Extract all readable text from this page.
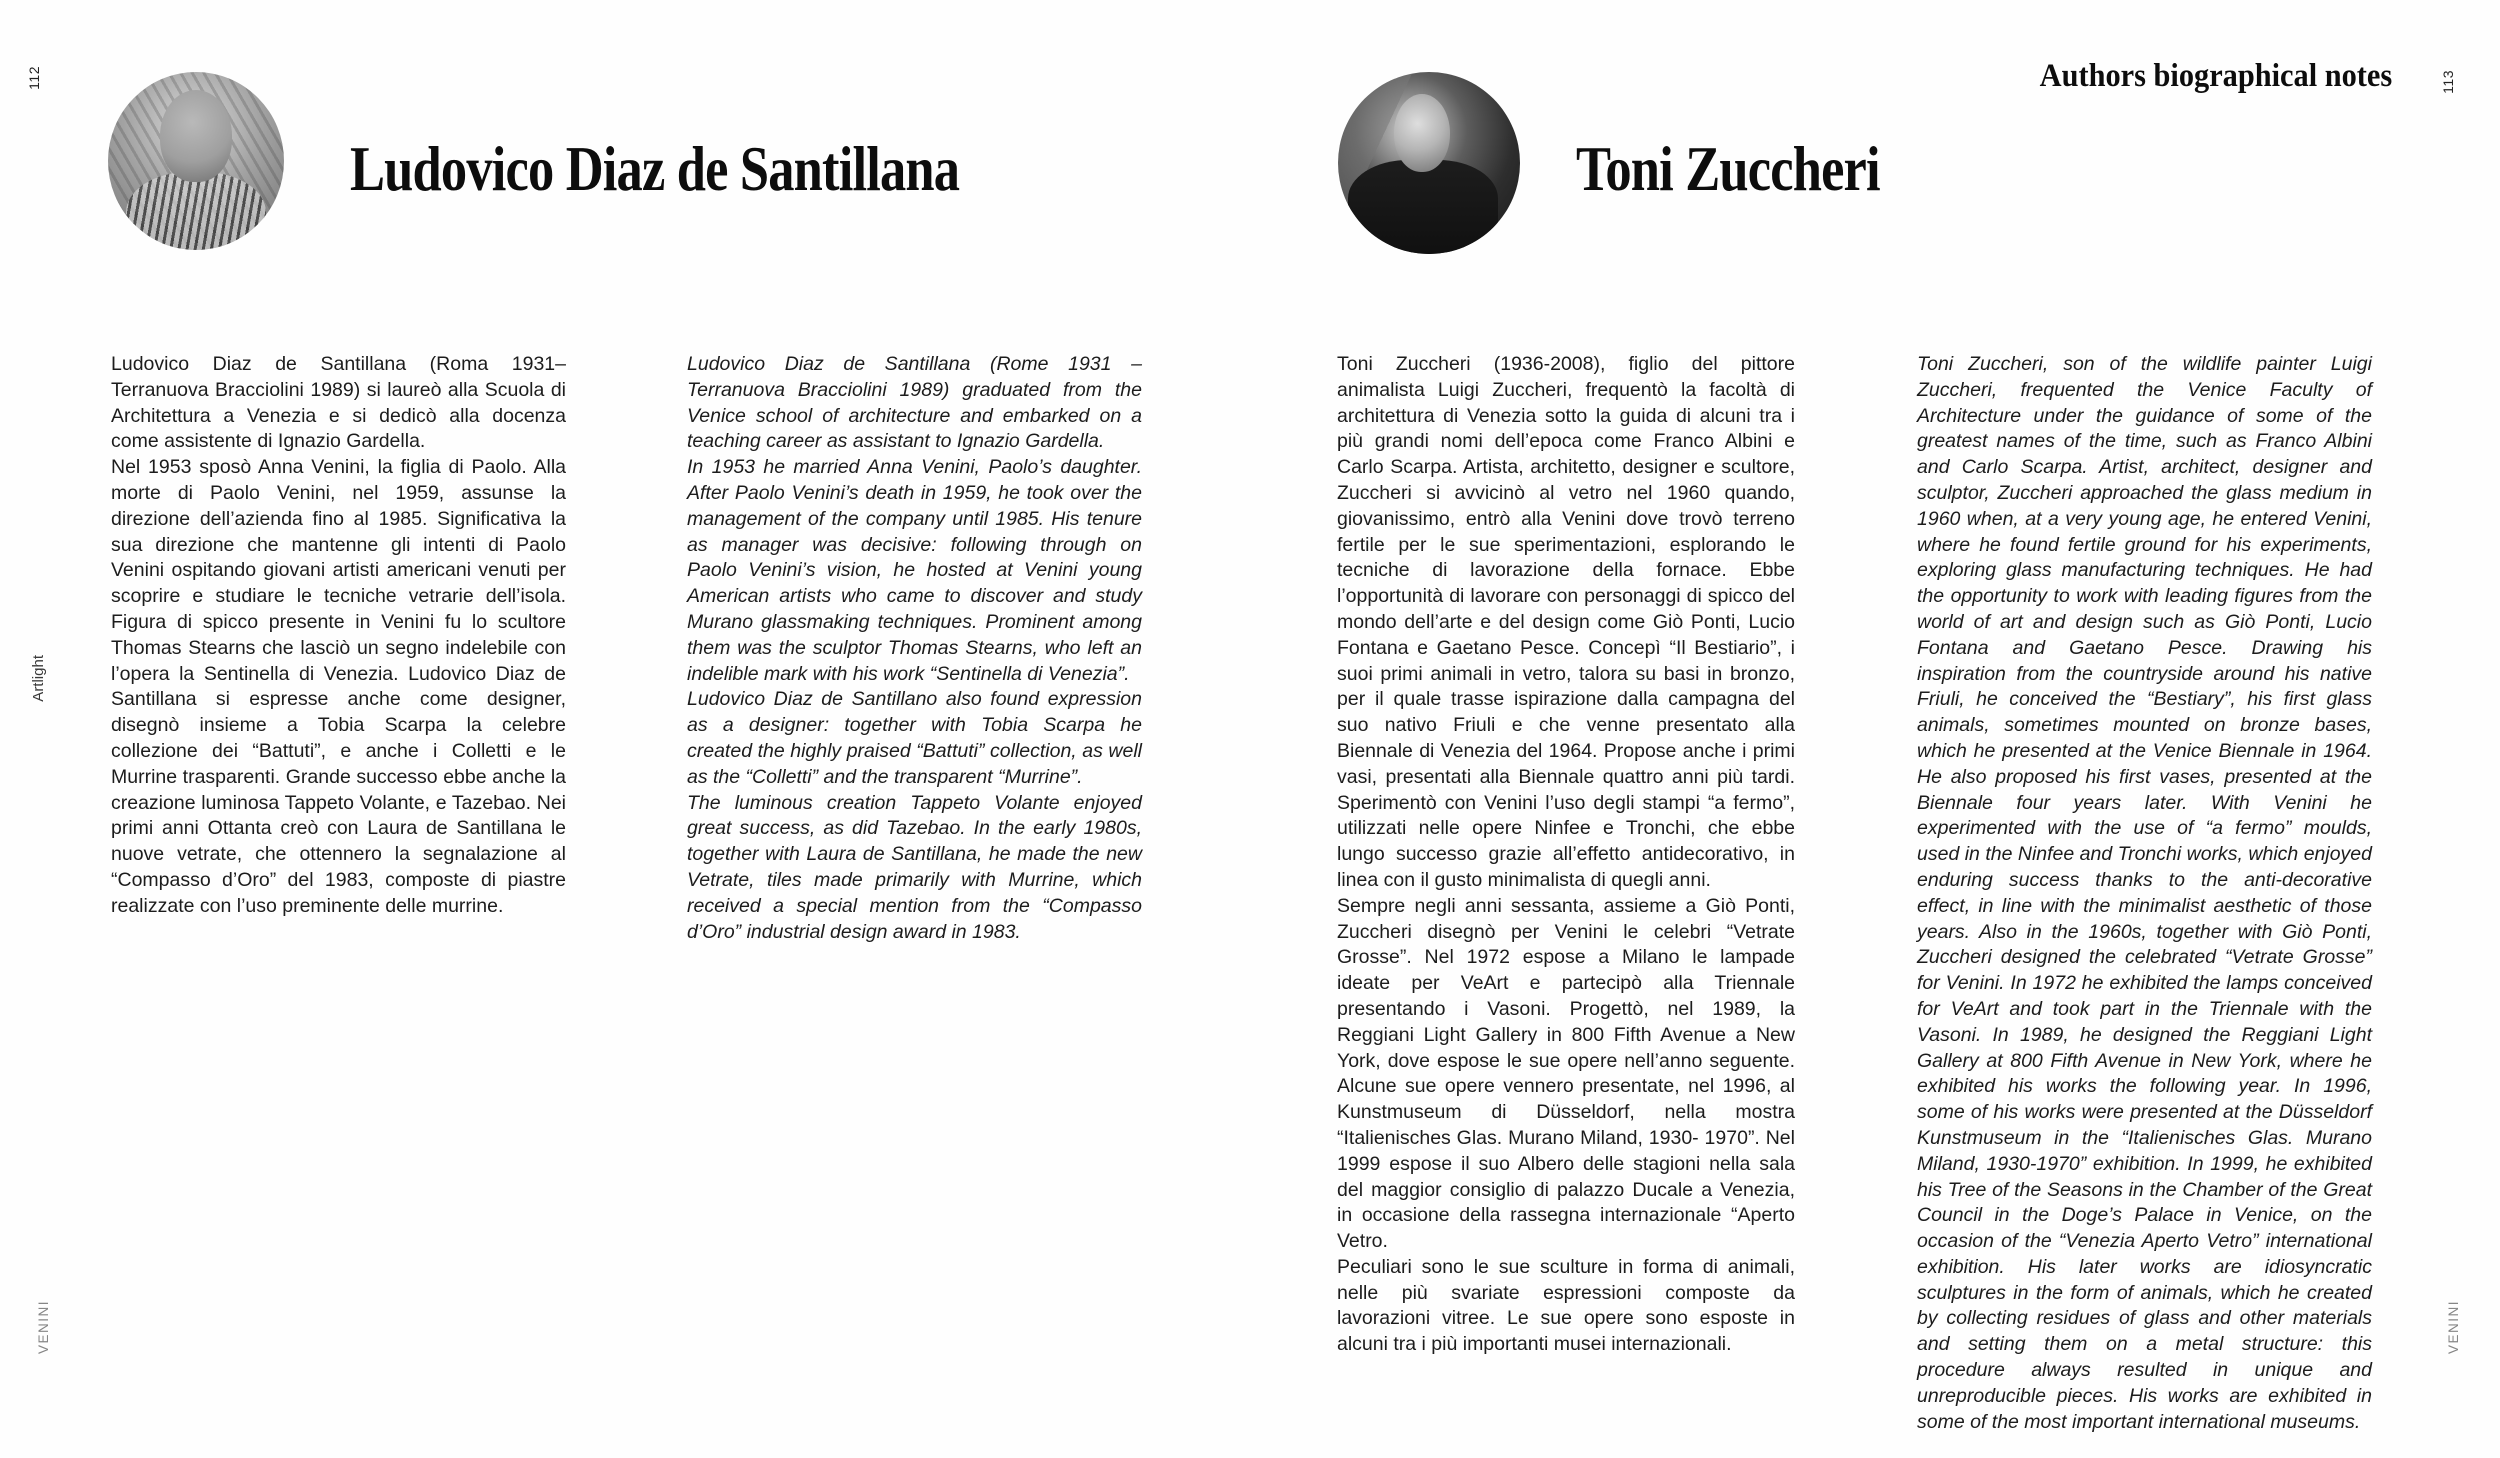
112
Artlight
VENINI
Ludovico Diaz de Santillana

Ludovico Diaz de Santillana (Roma 1931– Terranuova Bracciolini 1989) si laureò alla Scuola di Architettura a Venezia e si dedicò alla docenza come assistente di Ignazio Gardella.

Nel 1953 sposò Anna Venini, la figlia di Paolo. Alla morte di Paolo Venini, nel 1959, assunse la direzione dell’azienda fino al 1985. Significativa la sua direzione che mantenne gli intenti di Paolo Venini ospitando giovani artisti americani venuti per scoprire e studiare le tecniche vetrarie dell’isola. Figura di spicco presente in Venini fu lo scultore Thomas Stearns che lasciò un segno indelebile con l’opera la Sentinella di Venezia. Ludovico Diaz de Santillana si espresse anche come designer, disegnò insieme a Tobia Scarpa la celebre collezione dei “Battuti”, e anche i Colletti e le Murrine trasparenti. Grande successo ebbe anche la creazione luminosa Tappeto Volante, e Tazebao. Nei primi anni Ottanta creò con Laura de Santillana le nuove vetrate, che ottennero la segnalazione al “Compasso d’Oro” del 1983, composte di piastre realizzate con l’uso preminente delle murrine.

Ludovico Diaz de Santillana (Rome 1931 – Terranuova Bracciolini 1989) graduated from the Venice school of architecture and embarked on a teaching career as assistant to Ignazio Gardella.

In 1953 he married Anna Venini, Paolo’s daughter. After Paolo Venini’s death in 1959, he took over the management of the company until 1985. His tenure as manager was decisive: following through on Paolo Venini’s vision, he hosted at Venini young American artists who came to discover and study Murano glassmaking techniques. Prominent among them was the sculptor Thomas Stearns, who left an indelible mark with his work “Sentinella di Venezia”.

Ludovico Diaz de Santillano also found expression as a designer: together with Tobia Scarpa he created the highly praised “Battuti” collection, as well as the “Colletti” and the transparent “Murrine”.

The luminous creation Tappeto Volante enjoyed great success, as did Tazebao. In the early 1980s, together with Laura de Santillana, he made the new Vetrate, tiles made primarily with Murrine, which received a special mention from the “Compasso d’Oro” industrial design award in 1983.

Authors biographical notes	113
VENINI
Toni Zuccheri

Toni Zuccheri (1936-2008), figlio del pittore animalista Luigi Zuccheri, frequentò la facoltà di architettura di Venezia sotto la guida di alcuni tra i più grandi nomi dell’epoca come Franco Albini e Carlo Scarpa. Artista, architetto, designer e scultore, Zuccheri si avvicinò al vetro nel 1960 quando, giovanissimo, entrò alla Venini dove trovò terreno fertile per le sue sperimentazioni, esplorando le tecniche di lavorazione della fornace. Ebbe l’opportunità di lavorare con personaggi di spicco del mondo dell’arte e del design come Giò Ponti, Lucio Fontana e Gaetano Pesce. Concepì “Il Bestiario”, i suoi primi animali in vetro, talora su basi in bronzo, per il quale trasse ispirazione dalla campagna del suo nativo Friuli e che venne presentato alla Biennale di Venezia del 1964. Propose anche i primi vasi, presentati alla Biennale quattro anni più tardi. Sperimentò con Venini l’uso degli stampi “a fermo”, utilizzati nelle opere Ninfee e Tronchi, che ebbe lungo successo grazie all’effetto antidecorativo, in linea con il gusto minimalista di quegli anni.

Sempre negli anni sessanta, assieme a Giò Ponti, Zuccheri disegnò per Venini le celebri “Vetrate Grosse”. Nel 1972 espose a Milano le lampade ideate per VeArt e partecipò alla Triennale presentando i Vasoni. Progettò, nel 1989, la Reggiani Light Gallery in 800 Fifth Avenue a New York, dove espose le sue opere nell’anno seguente. Alcune sue opere vennero presentate, nel 1996, al Kunstmuseum di Düsseldorf, nella mostra “Italienisches Glas. Murano Miland, 1930- 1970”. Nel 1999 espose il suo Albero delle stagioni nella sala del maggior consiglio di palazzo Ducale a Venezia, in occasione della rassegna internazionale “Aperto Vetro.

Peculiari sono le sue sculture in forma di animali, nelle più svariate espressioni composte da lavorazioni vitree. Le sue opere sono esposte in alcuni tra i più importanti musei internazionali.

Toni Zuccheri, son of the wildlife painter Luigi Zuccheri, frequented the Venice Faculty of Architecture under the guidance of some of the greatest names of the time, such as Franco Albini and Carlo Scarpa. Artist, architect, designer and sculptor, Zuccheri approached the glass medium in 1960 when, at a very young age, he entered Venini, where he found fertile ground for his experiments, exploring glass manufacturing techniques. He had the opportunity to work with leading figures from the world of art and design such as Giò Ponti, Lucio Fontana and Gaetano Pesce. Drawing his inspiration from the countryside around his native Friuli, he conceived the “Bestiary”, his first glass animals, sometimes mounted on bronze bases, which he presented at the Venice Biennale in 1964. He also proposed his first vases, presented at the Biennale four years later. With Venini he experimented with the use of “a fermo” moulds, used in the Ninfee and Tronchi works, which enjoyed enduring success thanks to the anti-decorative effect, in line with the minimalist aesthetic of those years. Also in the 1960s, together with Giò Ponti, Zuccheri designed the celebrated “Vetrate Grosse” for Venini. In 1972 he exhibited the lamps conceived for VeArt and took part in the Triennale with the Vasoni. In 1989, he designed the Reggiani Light Gallery at 800 Fifth Avenue in New York, where he exhibited his works the following year. In 1996, some of his works were presented at the Düsseldorf Kunstmuseum in the “Italienisches Glas. Murano Miland, 1930-1970” exhibition. In 1999, he exhibited his Tree of the Seasons in the Chamber of the Great Council in the Doge’s Palace in Venice, on the occasion of the “Venezia Aperto Vetro” international exhibition. His later works are idiosyncratic sculptures in the form of animals, which he created by collecting residues of glass and other materials and setting them on a metal structure: this procedure always resulted in unique and unreproducible pieces. His works are exhibited in some of the most important international museums.
